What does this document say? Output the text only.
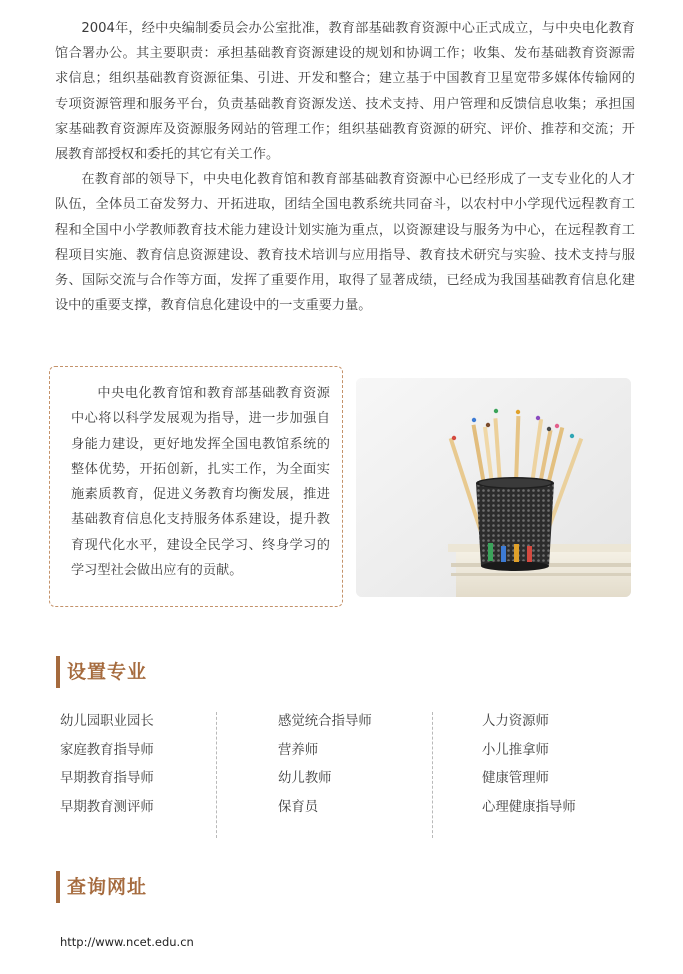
2004年，经中央编制委员会办公室批准，教育部基础教育资源中心正式成立，与中央电化教育馆合署办公。其主要职责：承担基础教育资源建设的规划和协调工作；收集、发布基础教育资源需求信息；组织基础教育资源征集、引进、开发和整合；建立基于中国教育卫星宽带多媒体传输网的专项资源管理和服务平台，负责基础教育资源发送、技术支持、用户管理和反馈信息收集；承担国家基础教育资源库及资源服务网站的管理工作；组织基础教育资源的研究、评价、推荐和交流；开展教育部授权和委托的其它有关工作。

在教育部的领导下，中央电化教育馆和教育部基础教育资源中心已经形成了一支专业化的人才队伍，全体员工奋发努力、开拓进取，团结全国电教系统共同奋斗，以农村中小学现代远程教育工程和全国中小学教师教育技术能力建设计划实施为重点，以资源建设与服务为中心，在远程教育工程项目实施、教育信息资源建设、教育技术培训与应用指导、教育技术研究与实验、技术支持与服务、国际交流与合作等方面，发挥了重要作用，取得了显著成绩，已经成为我国基础教育信息化建设中的重要支撑，教育信息化建设中的一支重要力量。

中央电化教育馆和教育部基础教育资源中心将以科学发展观为指导，进一步加强自身能力建设，更好地发挥全国电教馆系统的整体优势，开拓创新，扎实工作，为全面实施素质教育，促进义务教育均衡发展，推进基础教育信息化支持服务体系建设，提升教育现代化水平，建设全民学习、终身学习的学习型社会做出应有的贡献。

设置专业
幼儿园职业园长
家庭教育指导师
早期教育指导师
早期教育测评师
感觉统合指导师
营养师
幼儿教师
保育员
人力资源师
小儿推拿师
健康管理师
心理健康指导师
查询网址
http://www.ncet.edu.cn
